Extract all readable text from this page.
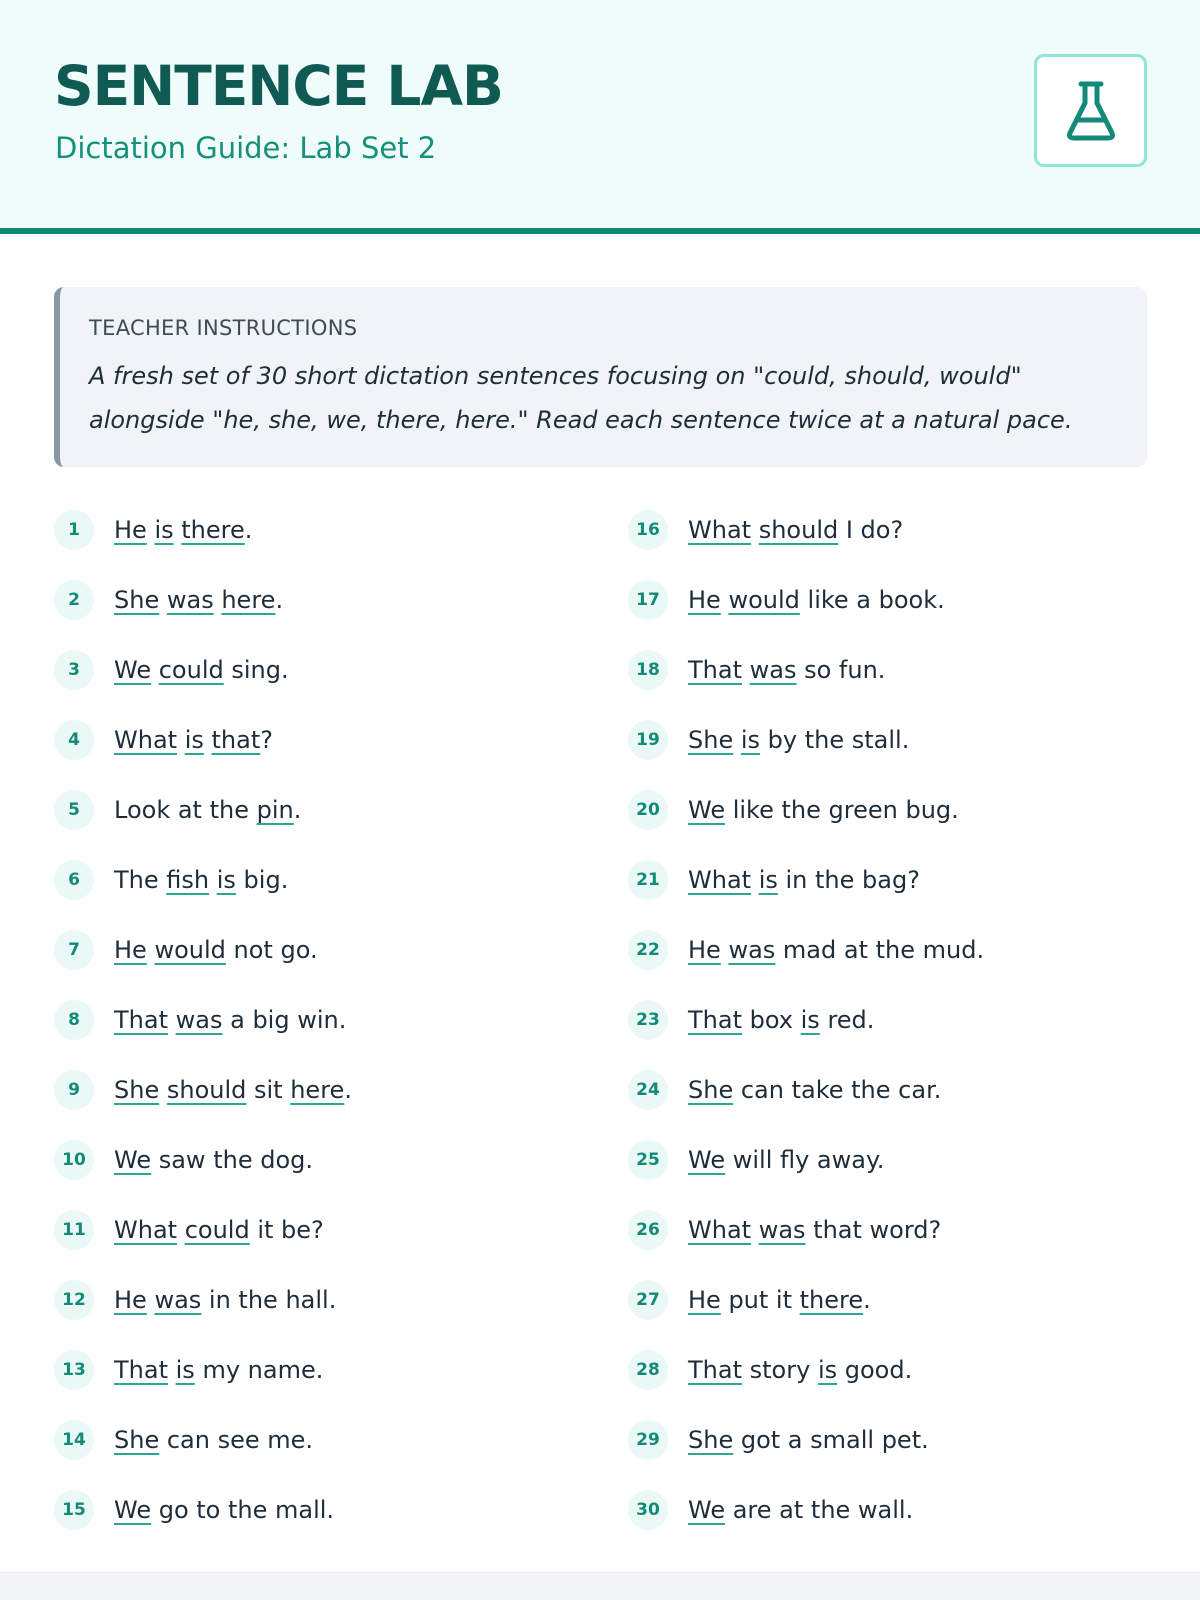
SENTENCE LAB
Dictation Guide: Lab Set 2
TEACHER INSTRUCTIONS
A fresh set of 30 short dictation sentences focusing on "could, should, would" alongside "he, she, we, there, here." Read each sentence twice at a natural pace.
1	He is there.
2	She was here.
3	We could sing.
4	What is that?
5	Look at the pin.
6	The fish is big.
7	He would not go.
8	That was a big win.
9	She should sit here.
10	We saw the dog.
11	What could it be?
12	He was in the hall.
13	That is my name.
14	She can see me.
15	We go to the mall.
16	What should I do?
17	He would like a book.
18	That was so fun.
19	She is by the stall.
20	We like the green bug.
21	What is in the bag?
22	He was mad at the mud.
23	That box is red.
24	She can take the car.
25	We will fly away.
26	What was that word?
27	He put it there.
28	That story is good.
29	She got a small pet.
30	We are at the wall.
